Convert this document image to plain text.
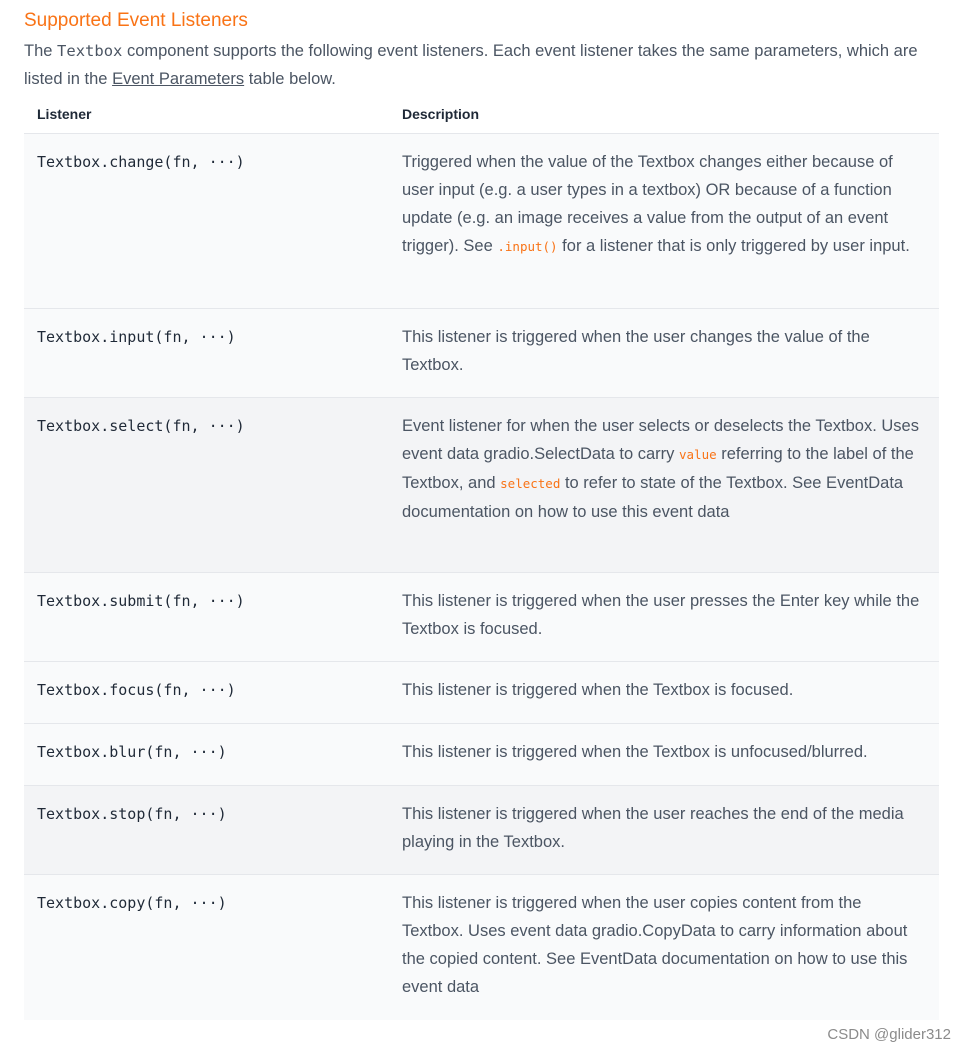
Supported Event Listeners

The Textbox component supports the following event listeners. Each event listener takes the same parameters, which are listed in the Event Parameters table below.

Listener	Description
Textbox.change(fn, ···)	Triggered when the value of the Textbox changes either because of user input (e.g. a user types in a textbox) OR because of a function update (e.g. an image receives a value from the output of an event trigger). See .input() for a listener that is only triggered by user input.
Textbox.input(fn, ···)	This listener is triggered when the user changes the value of the Textbox.
Textbox.select(fn, ···)	Event listener for when the user selects or deselects the Textbox. Uses event data gradio.SelectData to carry value referring to the label of the Textbox, and selected to refer to state of the Textbox. See EventData documentation on how to use this event data
Textbox.submit(fn, ···)	This listener is triggered when the user presses the Enter key while the Textbox is focused.
Textbox.focus(fn, ···)	This listener is triggered when the Textbox is focused.
Textbox.blur(fn, ···)	This listener is triggered when the Textbox is unfocused/blurred.
Textbox.stop(fn, ···)	This listener is triggered when the user reaches the end of the media playing in the Textbox.
Textbox.copy(fn, ···)	This listener is triggered when the user copies content from the Textbox. Uses event data gradio.CopyData to carry information about the copied content. See EventData documentation on how to use this event data
CSDN @glider312
